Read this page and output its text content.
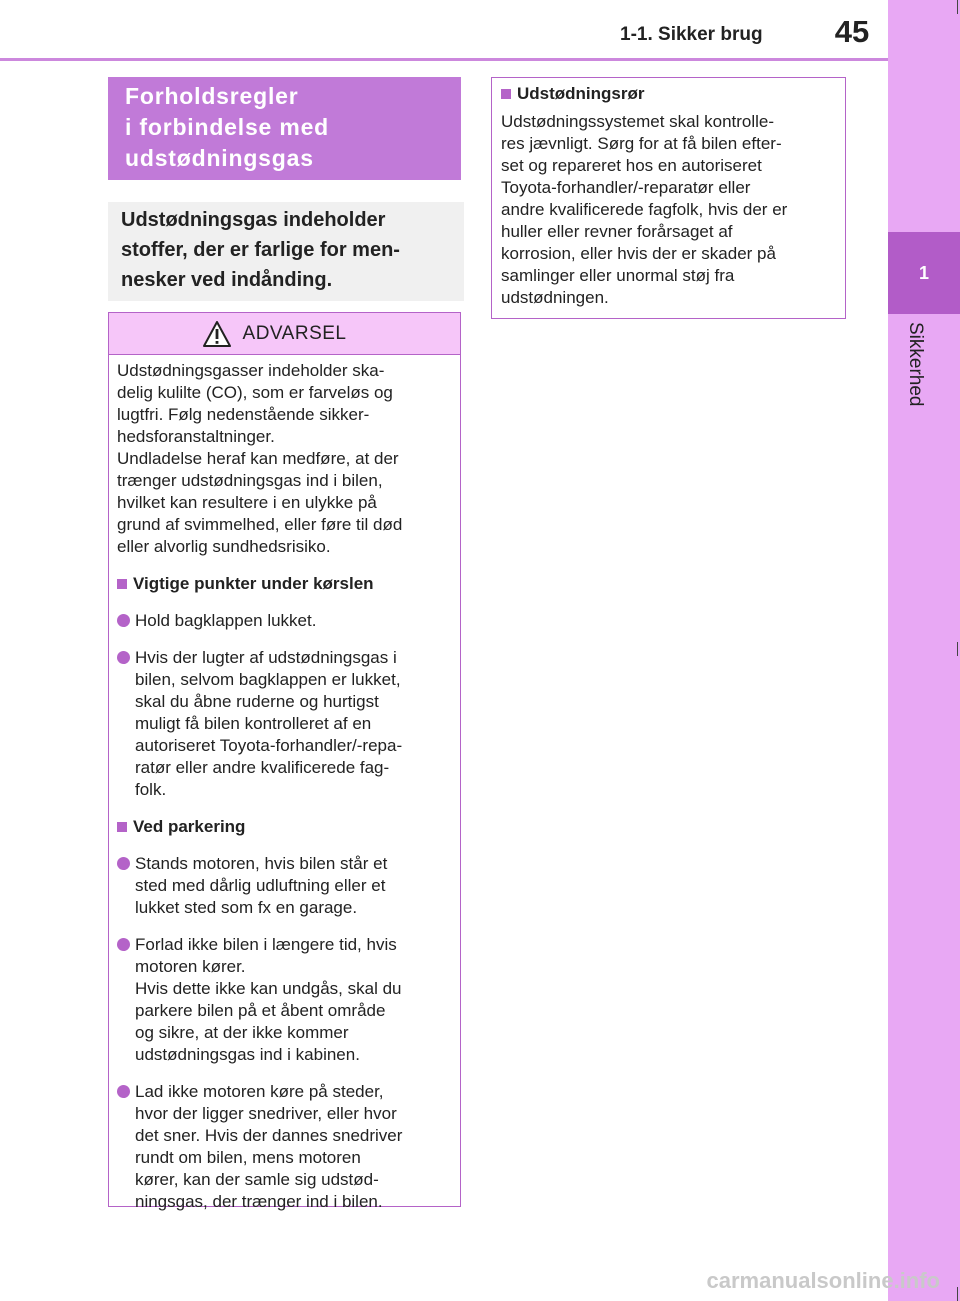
1-1. Sikker brug	45
1
Sikkerhed
Forholdsregler
i forbindelse med
udstødningsgas
Udstødningsgas indeholder
stoffer, der er farlige for men-
nesker ved indånding.
ADVARSEL

Udstødningsgasser indeholder ska-
delig kulilte (CO), som er farveløs og
lugtfri. Følg nedenstående sikker-
hedsforanstaltninger.
Undladelse heraf kan medføre, at der
trænger udstødningsgas ind i bilen,
hvilket kan resultere i en ulykke på
grund af svimmelhed, eller føre til død
eller alvorlig sundhedsrisiko.

Vigtige punkter under kørslen
Hold bagklappen lukket.
Hvis der lugter af udstødningsgas i
bilen, selvom bagklappen er lukket,
skal du åbne ruderne og hurtigst
muligt få bilen kontrolleret af en
autoriseret Toyota-forhandler/-repa-
ratør eller andre kvalificerede fag-
folk.
Ved parkering
Stands motoren, hvis bilen står et
sted med dårlig udluftning eller et
lukket sted som fx en garage.
Forlad ikke bilen i længere tid, hvis
motoren kører.
Hvis dette ikke kan undgås, skal du
parkere bilen på et åbent område
og sikre, at der ikke kommer
udstødningsgas ind i kabinen.
Lad ikke motoren køre på steder,
hvor der ligger snedriver, eller hvor
det sner. Hvis der dannes snedriver
rundt om bilen, mens motoren
kører, kan der samle sig udstød-
ningsgas, der trænger ind i bilen.
Udstødningsrør
Udstødningssystemet skal kontrolle-
res jævnligt. Sørg for at få bilen efter-
set og repareret hos en autoriseret
Toyota-forhandler/-reparatør eller
andre kvalificerede fagfolk, hvis der er
huller eller revner forårsaget af
korrosion, eller hvis der er skader på
samlinger eller unormal støj fra
udstødningen.
carmanualsonline.info
